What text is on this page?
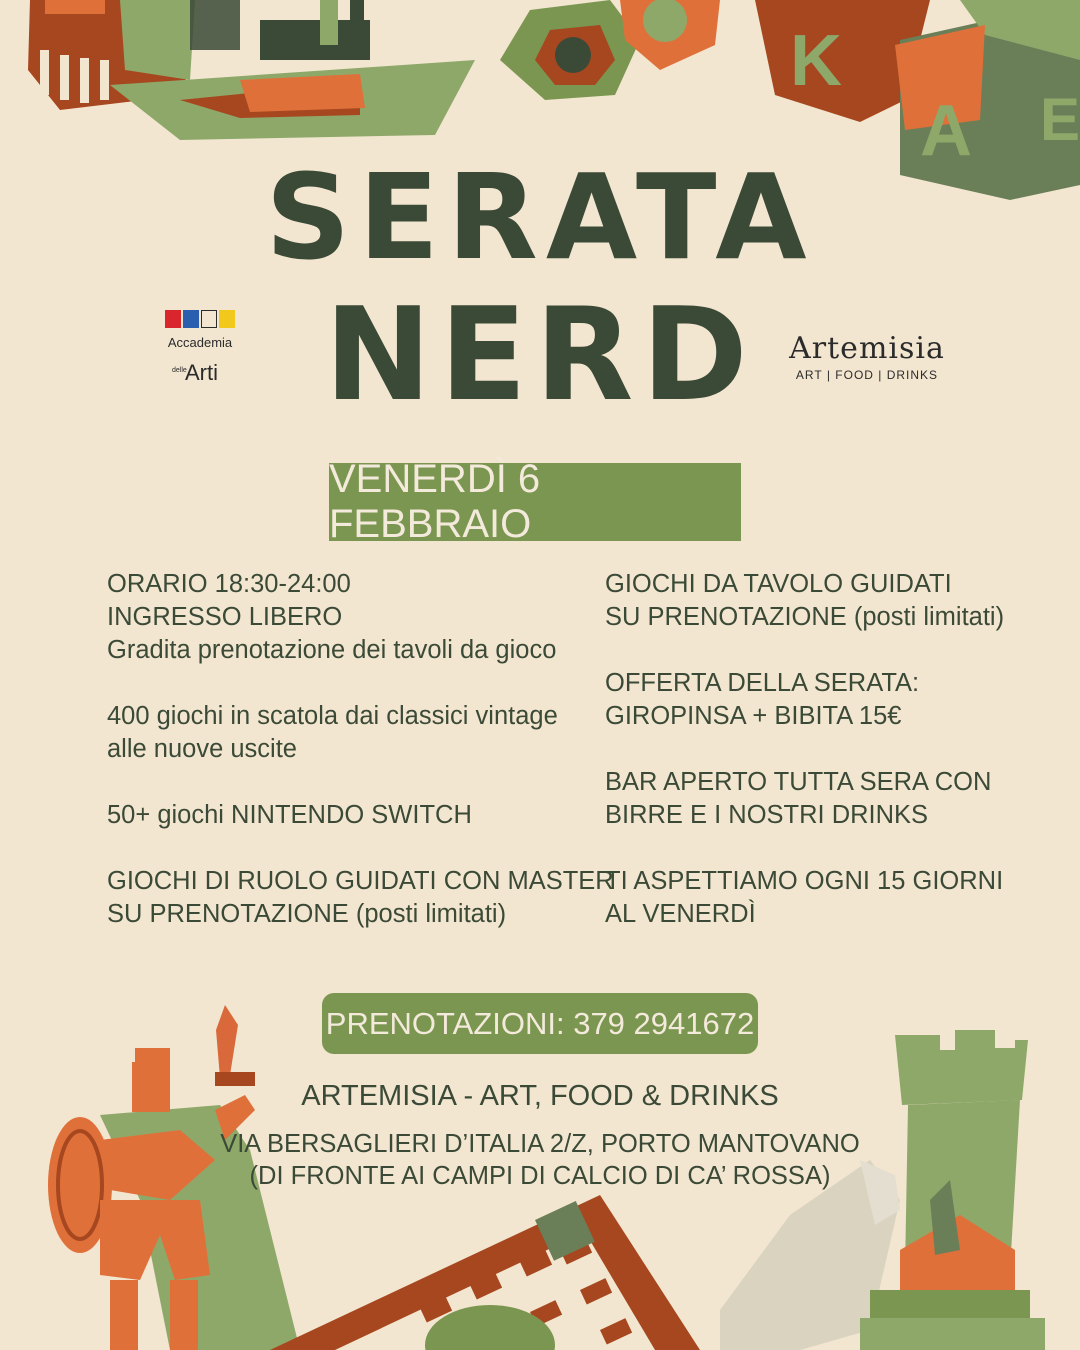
K
A E
SERATA
NERD
Accademia
delle
Arti
Artemisia
ART | FOOD | DRINKS
VENERDÌ 6 FEBBRAIO
ORARIO 18:30-24:00
INGRESSO LIBERO
Gradita prenotazione dei tavoli da gioco
400 giochi in scatola dai classici vintage
alle nuove uscite
50+ giochi NINTENDO SWITCH
GIOCHI DI RUOLO GUIDATI CON MASTER
SU PRENOTAZIONE (posti limitati)
GIOCHI DA TAVOLO GUIDATI
SU PRENOTAZIONE (posti limitati)
OFFERTA DELLA SERATA:
GIROPINSA + BIBITA 15€
BAR APERTO TUTTA SERA CON
BIRRE E I NOSTRI DRINKS
TI ASPETTIAMO OGNI 15 GIORNI
AL VENERDÌ
PRENOTAZIONI: 379 2941672
ARTEMISIA - ART, FOOD & DRINKS
VIA BERSAGLIERI D’ITALIA 2/Z, PORTO MANTOVANO
(DI FRONTE AI CAMPI DI CALCIO DI CA’ ROSSA)
